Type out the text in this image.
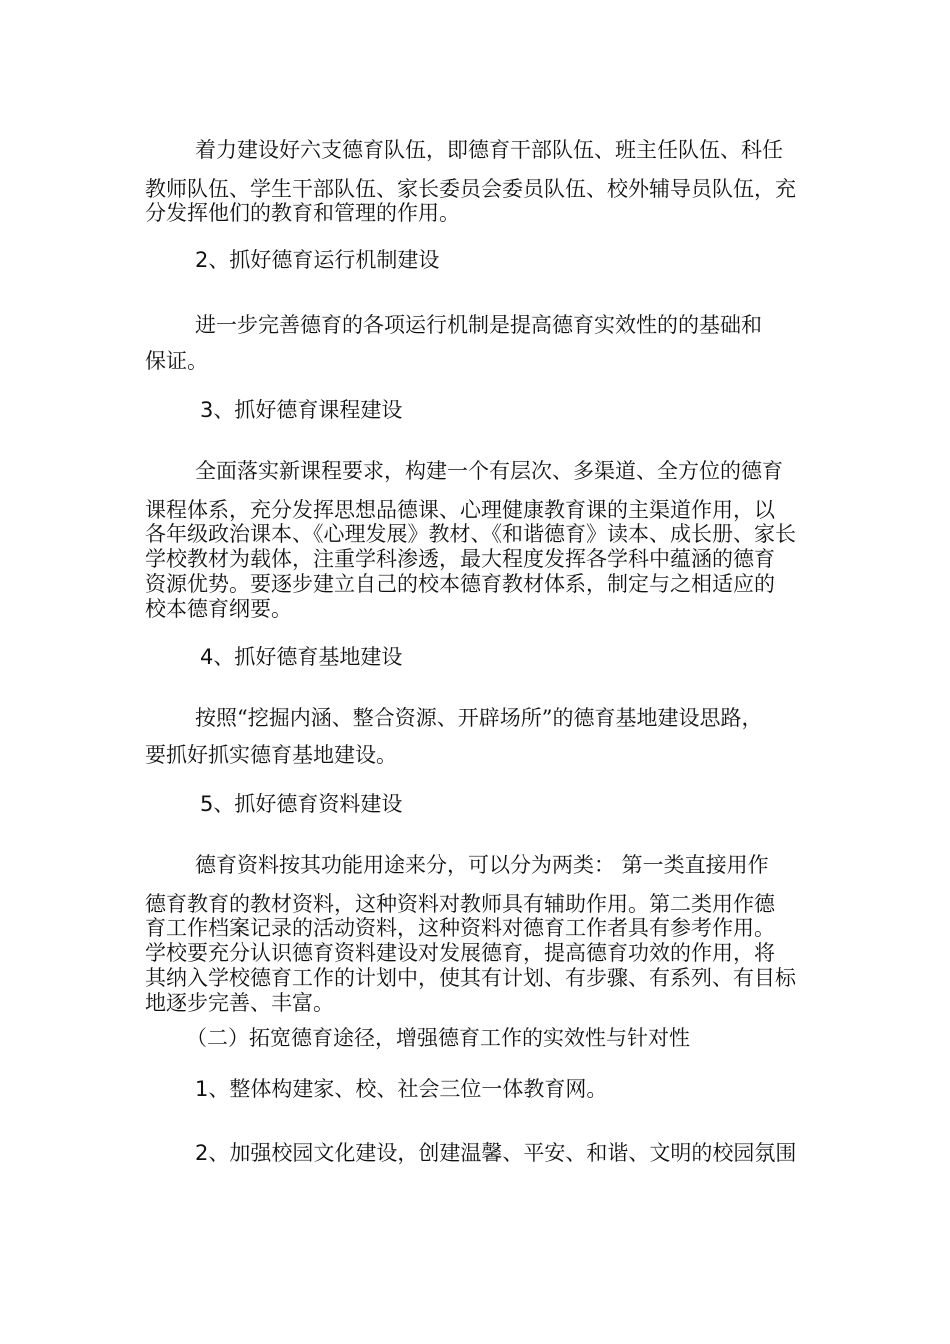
着力建设好六支德育队伍，即德育干部队伍、班主任队伍、科任
教师队伍、学生干部队伍、家长委员会委员队伍、校外辅导员队伍，充
分发挥他们的教育和管理的作用。
2、抓好德育运行机制建设
进一步完善德育的各项运行机制是提高德育实效性的的基础和
保证。
3、抓好德育课程建设
全面落实新课程要求，构建一个有层次、多渠道、全方位的德育
课程体系，充分发挥思想品德课、心理健康教育课的主渠道作用，以
各年级政治课本、《心理发展》教材、《和谐德育》读本、成长册、家长
学校教材为载体，注重学科渗透，最大程度发挥各学科中蕴涵的德育
资源优势。要逐步建立自己的校本德育教材体系，制定与之相适应的
校本德育纲要。
4、抓好德育基地建设
按照“挖掘内涵、整合资源、开辟场所”的德育基地建设思路，
要抓好抓实德育基地建设。
5、抓好德育资料建设
德育资料按其功能用途来分，可以分为两类： 第一类直接用作
德育教育的教材资料，这种资料对教师具有辅助作用。第二类用作德
育工作档案记录的活动资料，这种资料对德育工作者具有参考作用。
学校要充分认识德育资料建设对发展德育，提高德育功效的作用，将
其纳入学校德育工作的计划中，使其有计划、有步骤、有系列、有目标
地逐步完善、丰富。
（二）拓宽德育途径，增强德育工作的实效性与针对性
1、整体构建家、校、社会三位一体教育网。
2、加强校园文化建设，创建温馨、平安、和谐、文明的校园氛围
